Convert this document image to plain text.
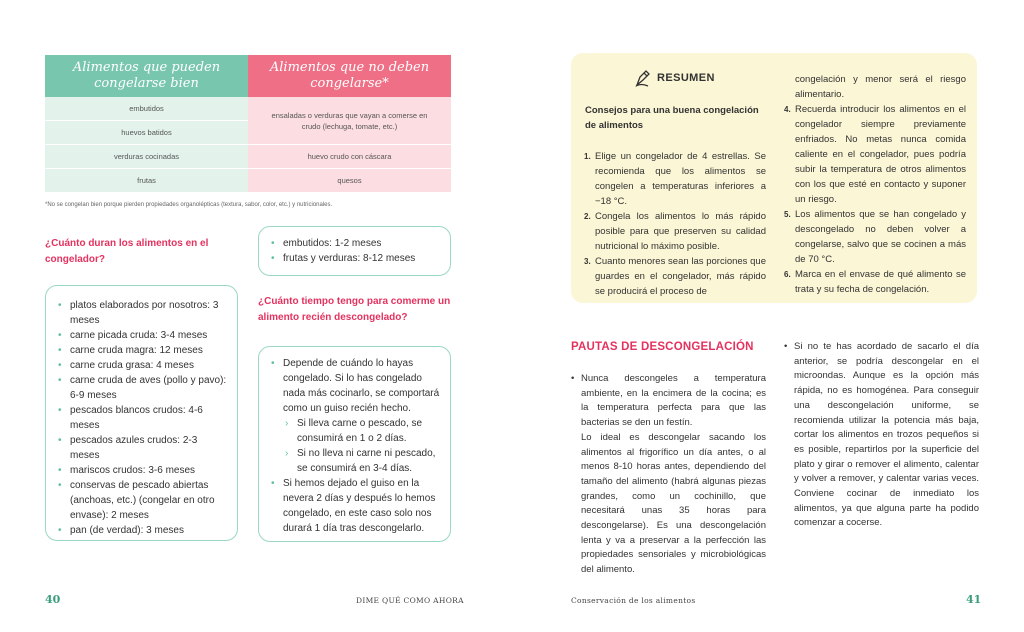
Alimentos que pueden congelarse bien
Alimentos que no deben congelarse*
embutidos
huevos batidos
verduras cocinadas
frutas
ensaladas o verduras que vayan a comerse en crudo (lechuga, tomate, etc.)
huevo crudo con cáscara
quesos
*No se congelan bien porque pierden propiedades organolépticas (textura, sabor, color, etc.) y nutricionales.
¿Cuánto duran los alimentos en el congelador?
• platos elaborados por nosotros: 3 meses
• carne picada cruda: 3-4 meses
• carne cruda magra: 12 meses
• carne cruda grasa: 4 meses
• carne cruda de aves (pollo y pavo): 6-9 meses
• pescados blancos crudos: 4-6 meses
• pescados azules crudos: 2-3 meses
• mariscos crudos: 3-6 meses
• conservas de pescado abiertas (anchoas, etc.) (congelar en otro envase): 2 meses
• pan (de verdad): 3 meses
• embutidos: 1-2 meses
• frutas y verduras: 8-12 meses
¿Cuánto tiempo tengo para comerme un alimento recién descongelado?
• Depende de cuándo lo hayas congelado. Si lo has congelado nada más cocinarlo, se comportará como un guiso recién hecho.
› Si lleva carne o pescado, se consumirá en 1 o 2 días.
› Si no lleva ni carne ni pescado, se consumirá en 3-4 días.
• Si hemos dejado el guiso en la nevera 2 días y después lo hemos congelado, en este caso solo nos durará 1 día tras descongelarlo.
40	DIME QUÉ COMO AHORA
RESUMEN
Consejos para una buena congelación de alimentos
1. Elige un congelador de 4 estrellas. Se recomienda que los alimentos se congelen a temperaturas inferiores a −18 °C.
2. Congela los alimentos lo más rápido posible para que preserven su calidad nutricional lo máximo posible.
3. Cuanto menores sean las porciones que guardes en el congelador, más rápido se producirá el proceso de
congelación y menor será el riesgo alimentario.
4. Recuerda introducir los alimentos en el congelador siempre previamente enfriados. No metas nunca comida caliente en el congelador, pues podría subir la temperatura de otros alimentos con los que esté en contacto y suponer un riesgo.
5. Los alimentos que se han congelado y descongelado no deben volver a congelarse, salvo que se cocinen a más de 70 °C.
6. Marca en el envase de qué alimento se trata y su fecha de congelación.
PAUTAS DE DESCONGELACIÓN
• Nunca descongeles a temperatura ambiente, en la encimera de la cocina; es la temperatura perfecta para que las bacterias se den un festín.
Lo ideal es descongelar sacando los alimentos al frigorífico un día antes, o al menos 8-10 horas antes, dependiendo del tamaño del alimento (habrá algunas piezas grandes, como un cochinillo, que necesitará unas 35 horas para descongelarse). Es una descongelación lenta y va a preservar a la perfección las propiedades sensoriales y microbiológicas del alimento.
• Si no te has acordado de sacarlo el día anterior, se podría descongelar en el microondas. Aunque es la opción más rápida, no es homogénea. Para conseguir una descongelación uniforme, se recomienda utilizar la potencia más baja, cortar los alimentos en trozos pequeños si es posible, repartirlos por la superficie del plato y girar o remover el alimento, calentar y volver a remover, y calentar varias veces. Conviene cocinar de inmediato los alimentos, ya que alguna parte ha podido comenzar a cocerse.
Conservación de los alimentos	41
